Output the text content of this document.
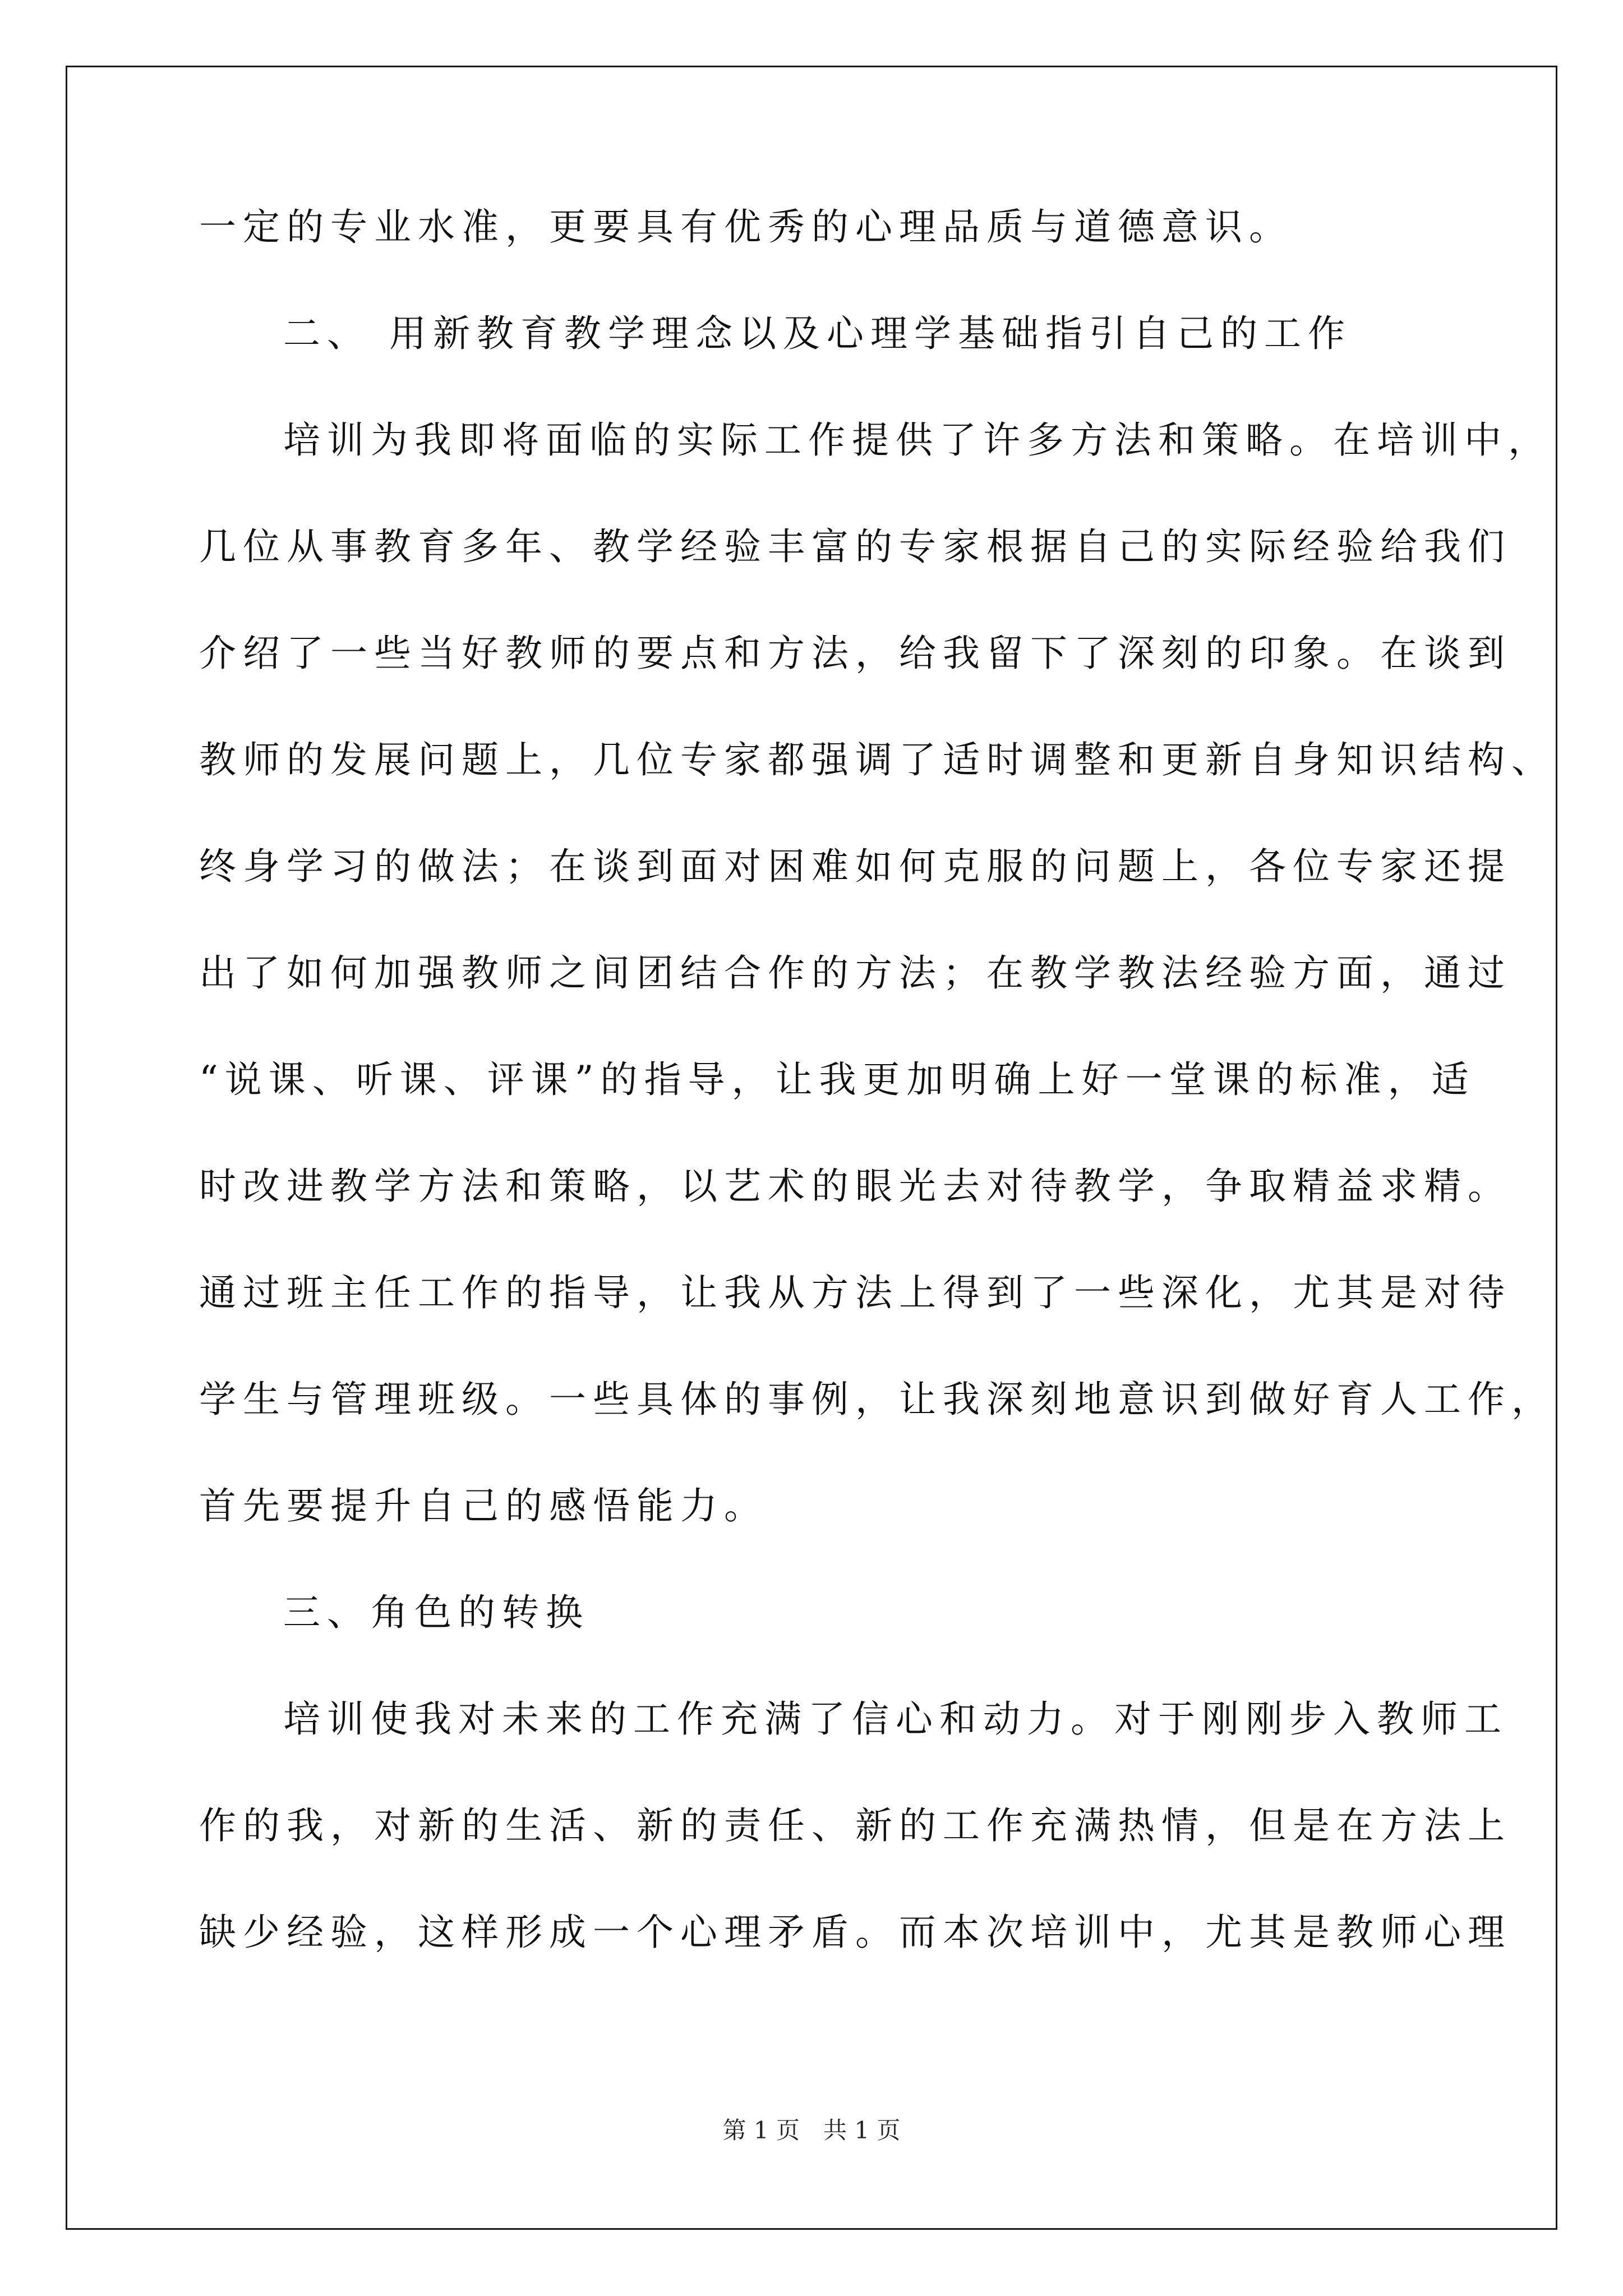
一定的专业水准，更要具有优秀的心理品质与道德意识。
二、 用新教育教学理念以及心理学基础指引自己的工作
培训为我即将面临的实际工作提供了许多方法和策略。在培训中，
几位从事教育多年、教学经验丰富的专家根据自己的实际经验给我们
介绍了一些当好教师的要点和方法，给我留下了深刻的印象。在谈到
教师的发展问题上，几位专家都强调了适时调整和更新自身知识结构、
终身学习的做法；在谈到面对困难如何克服的问题上，各位专家还提
出了如何加强教师之间团结合作的方法；在教学教法经验方面，通过
“说课、听课、评课”的指导，让我更加明确上好一堂课的标准，适
时改进教学方法和策略，以艺术的眼光去对待教学，争取精益求精。
通过班主任工作的指导，让我从方法上得到了一些深化，尤其是对待
学生与管理班级。一些具体的事例，让我深刻地意识到做好育人工作，
首先要提升自己的感悟能力。
三、角色的转换
培训使我对未来的工作充满了信心和动力。对于刚刚步入教师工
作的我，对新的生活、新的责任、新的工作充满热情，但是在方法上
缺少经验，这样形成一个心理矛盾。而本次培训中，尤其是教师心理
第 1 页　共 1 页
